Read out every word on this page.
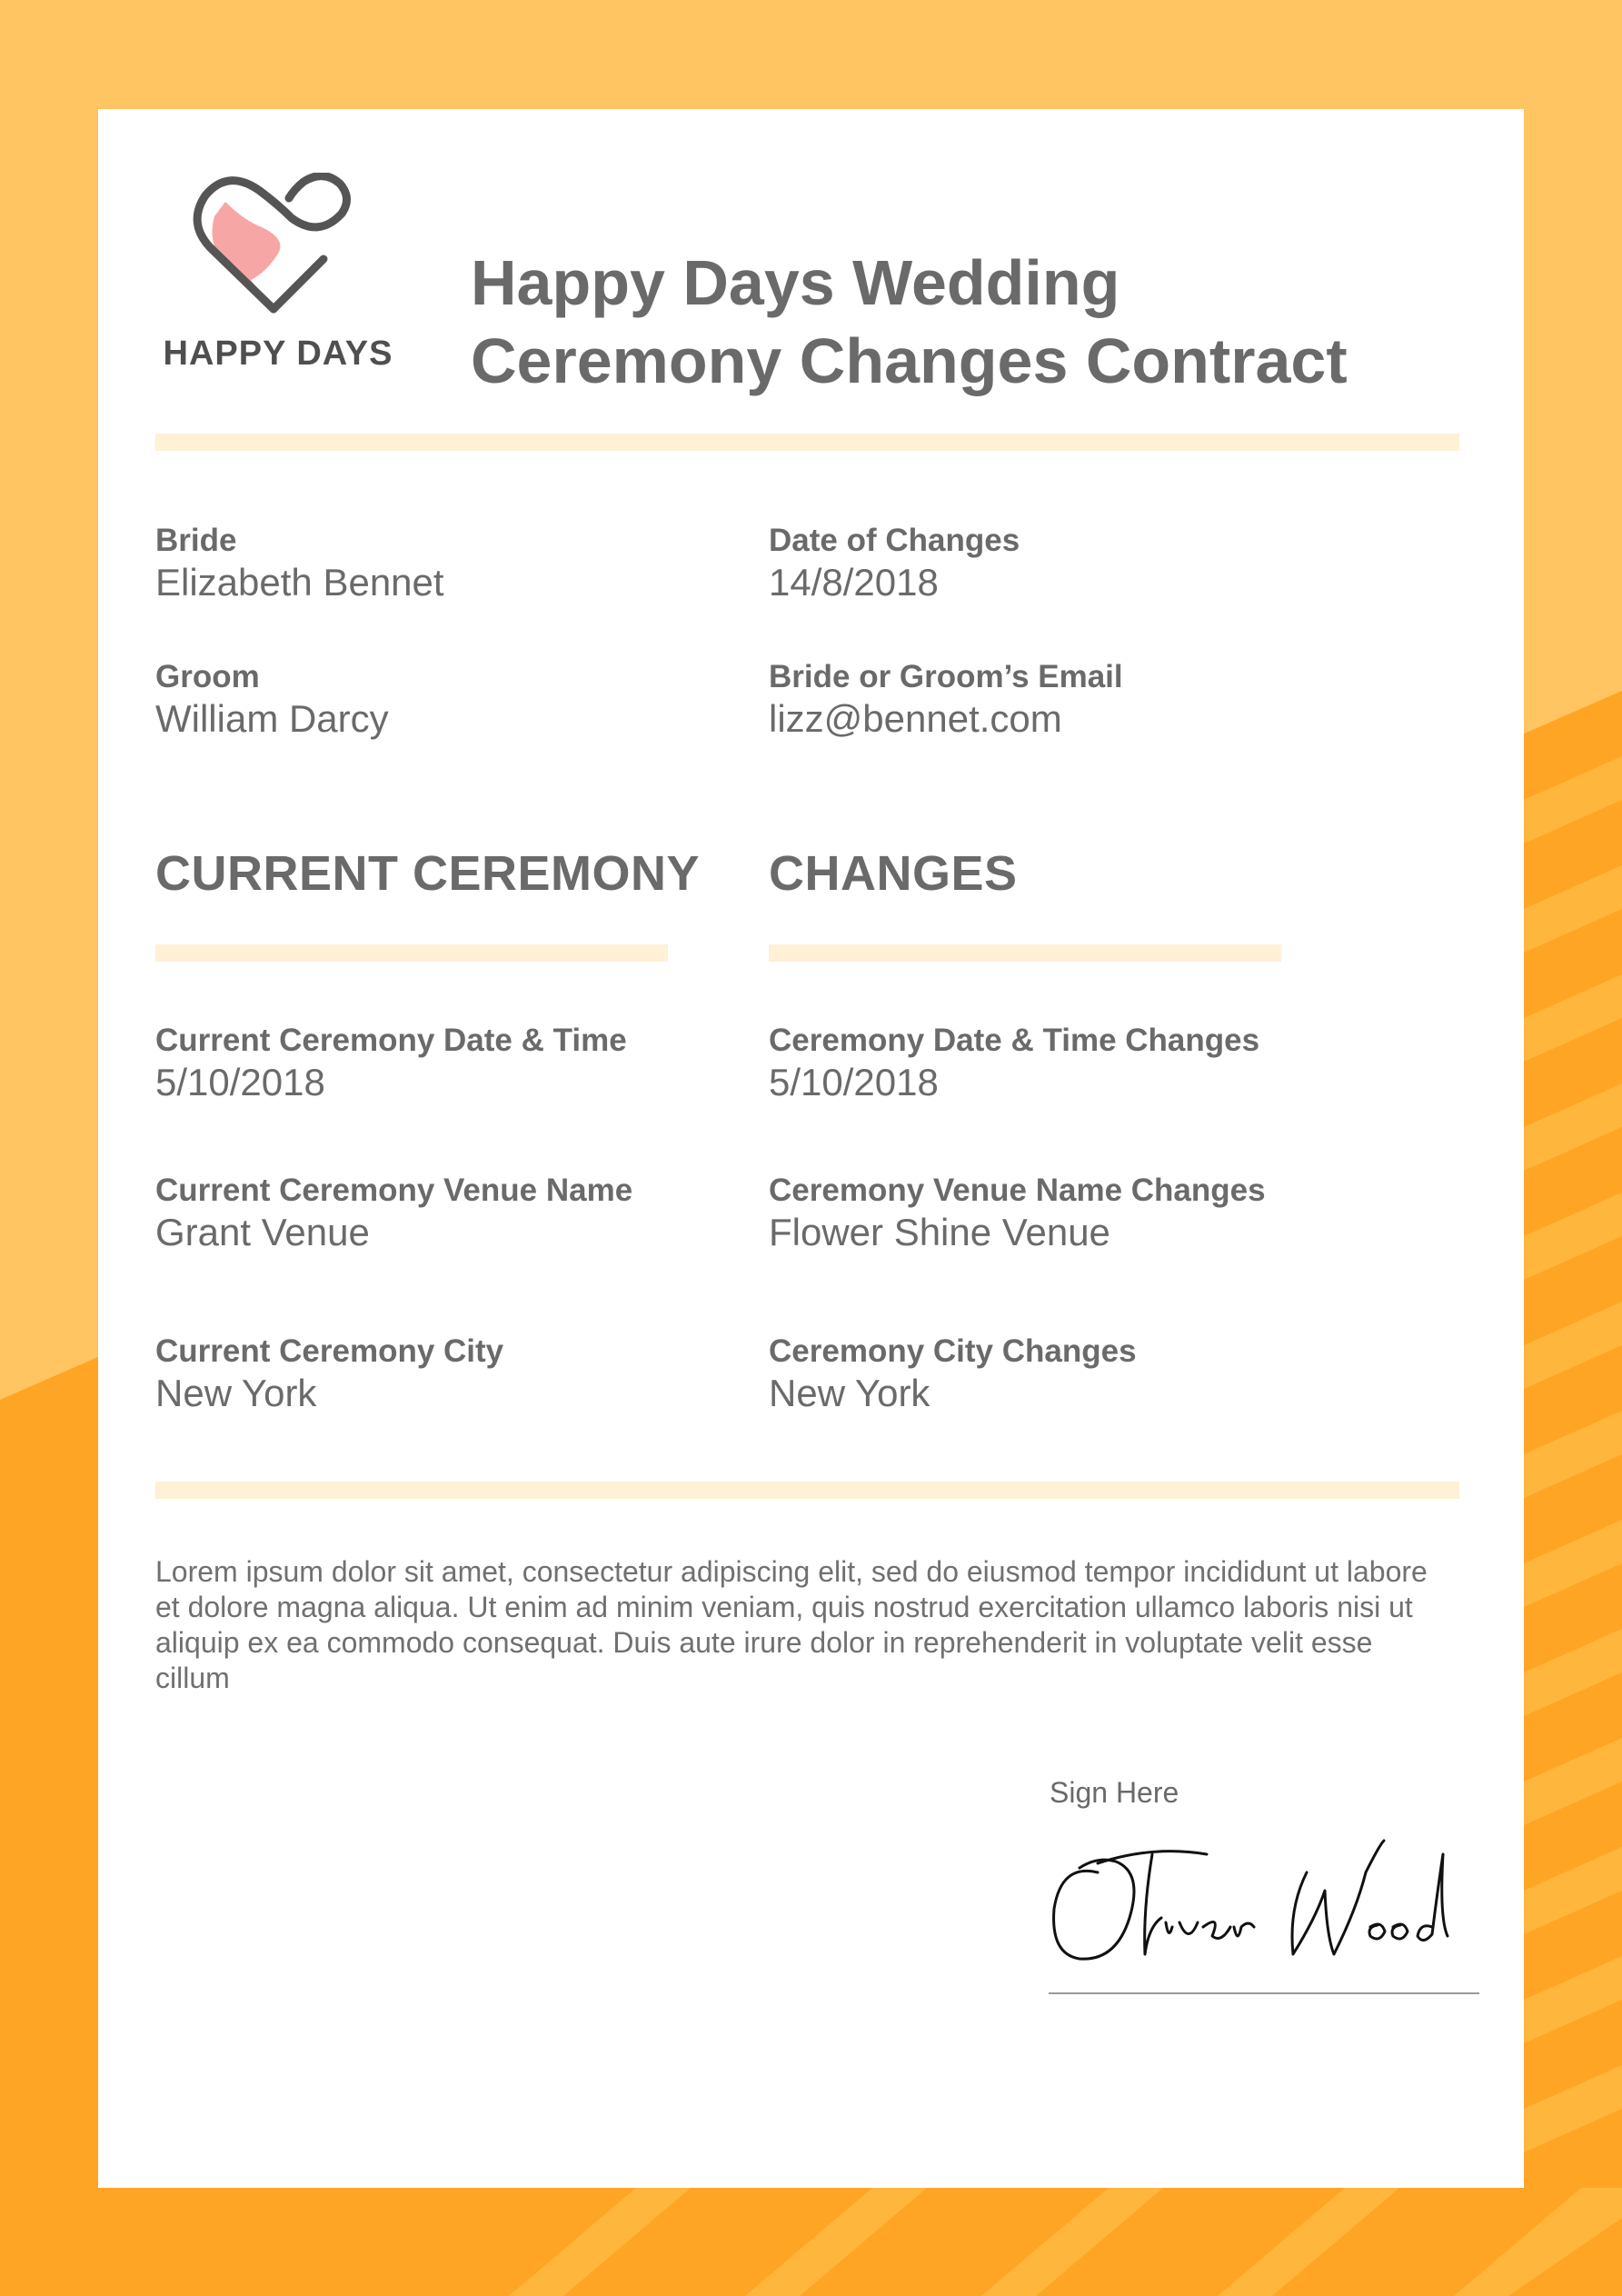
HAPPY DAYS
Happy Days Wedding
Ceremony Changes Contract
Bride
Elizabeth Bennet
Date of Changes
14/8/2018
Groom
William Darcy
Bride or Groom’s Email
lizz@bennet.com
CURRENT CEREMONY CHANGES
Current Ceremony Date & Time
5/10/2018
Ceremony Date & Time Changes
5/10/2018
Current Ceremony Venue Name
Grant Venue
Ceremony Venue Name Changes
Flower Shine Venue
Current Ceremony City
New York
Ceremony City Changes
New York
Lorem ipsum dolor sit amet, consectetur adipiscing elit, sed do eiusmod tempor incididunt ut labore et dolore magna aliqua. Ut enim ad minim veniam, quis nostrud exercitation ullamco laboris nisi ut aliquip ex ea commodo consequat. Duis aute irure dolor in reprehenderit in voluptate velit esse cillum
Sign Here
